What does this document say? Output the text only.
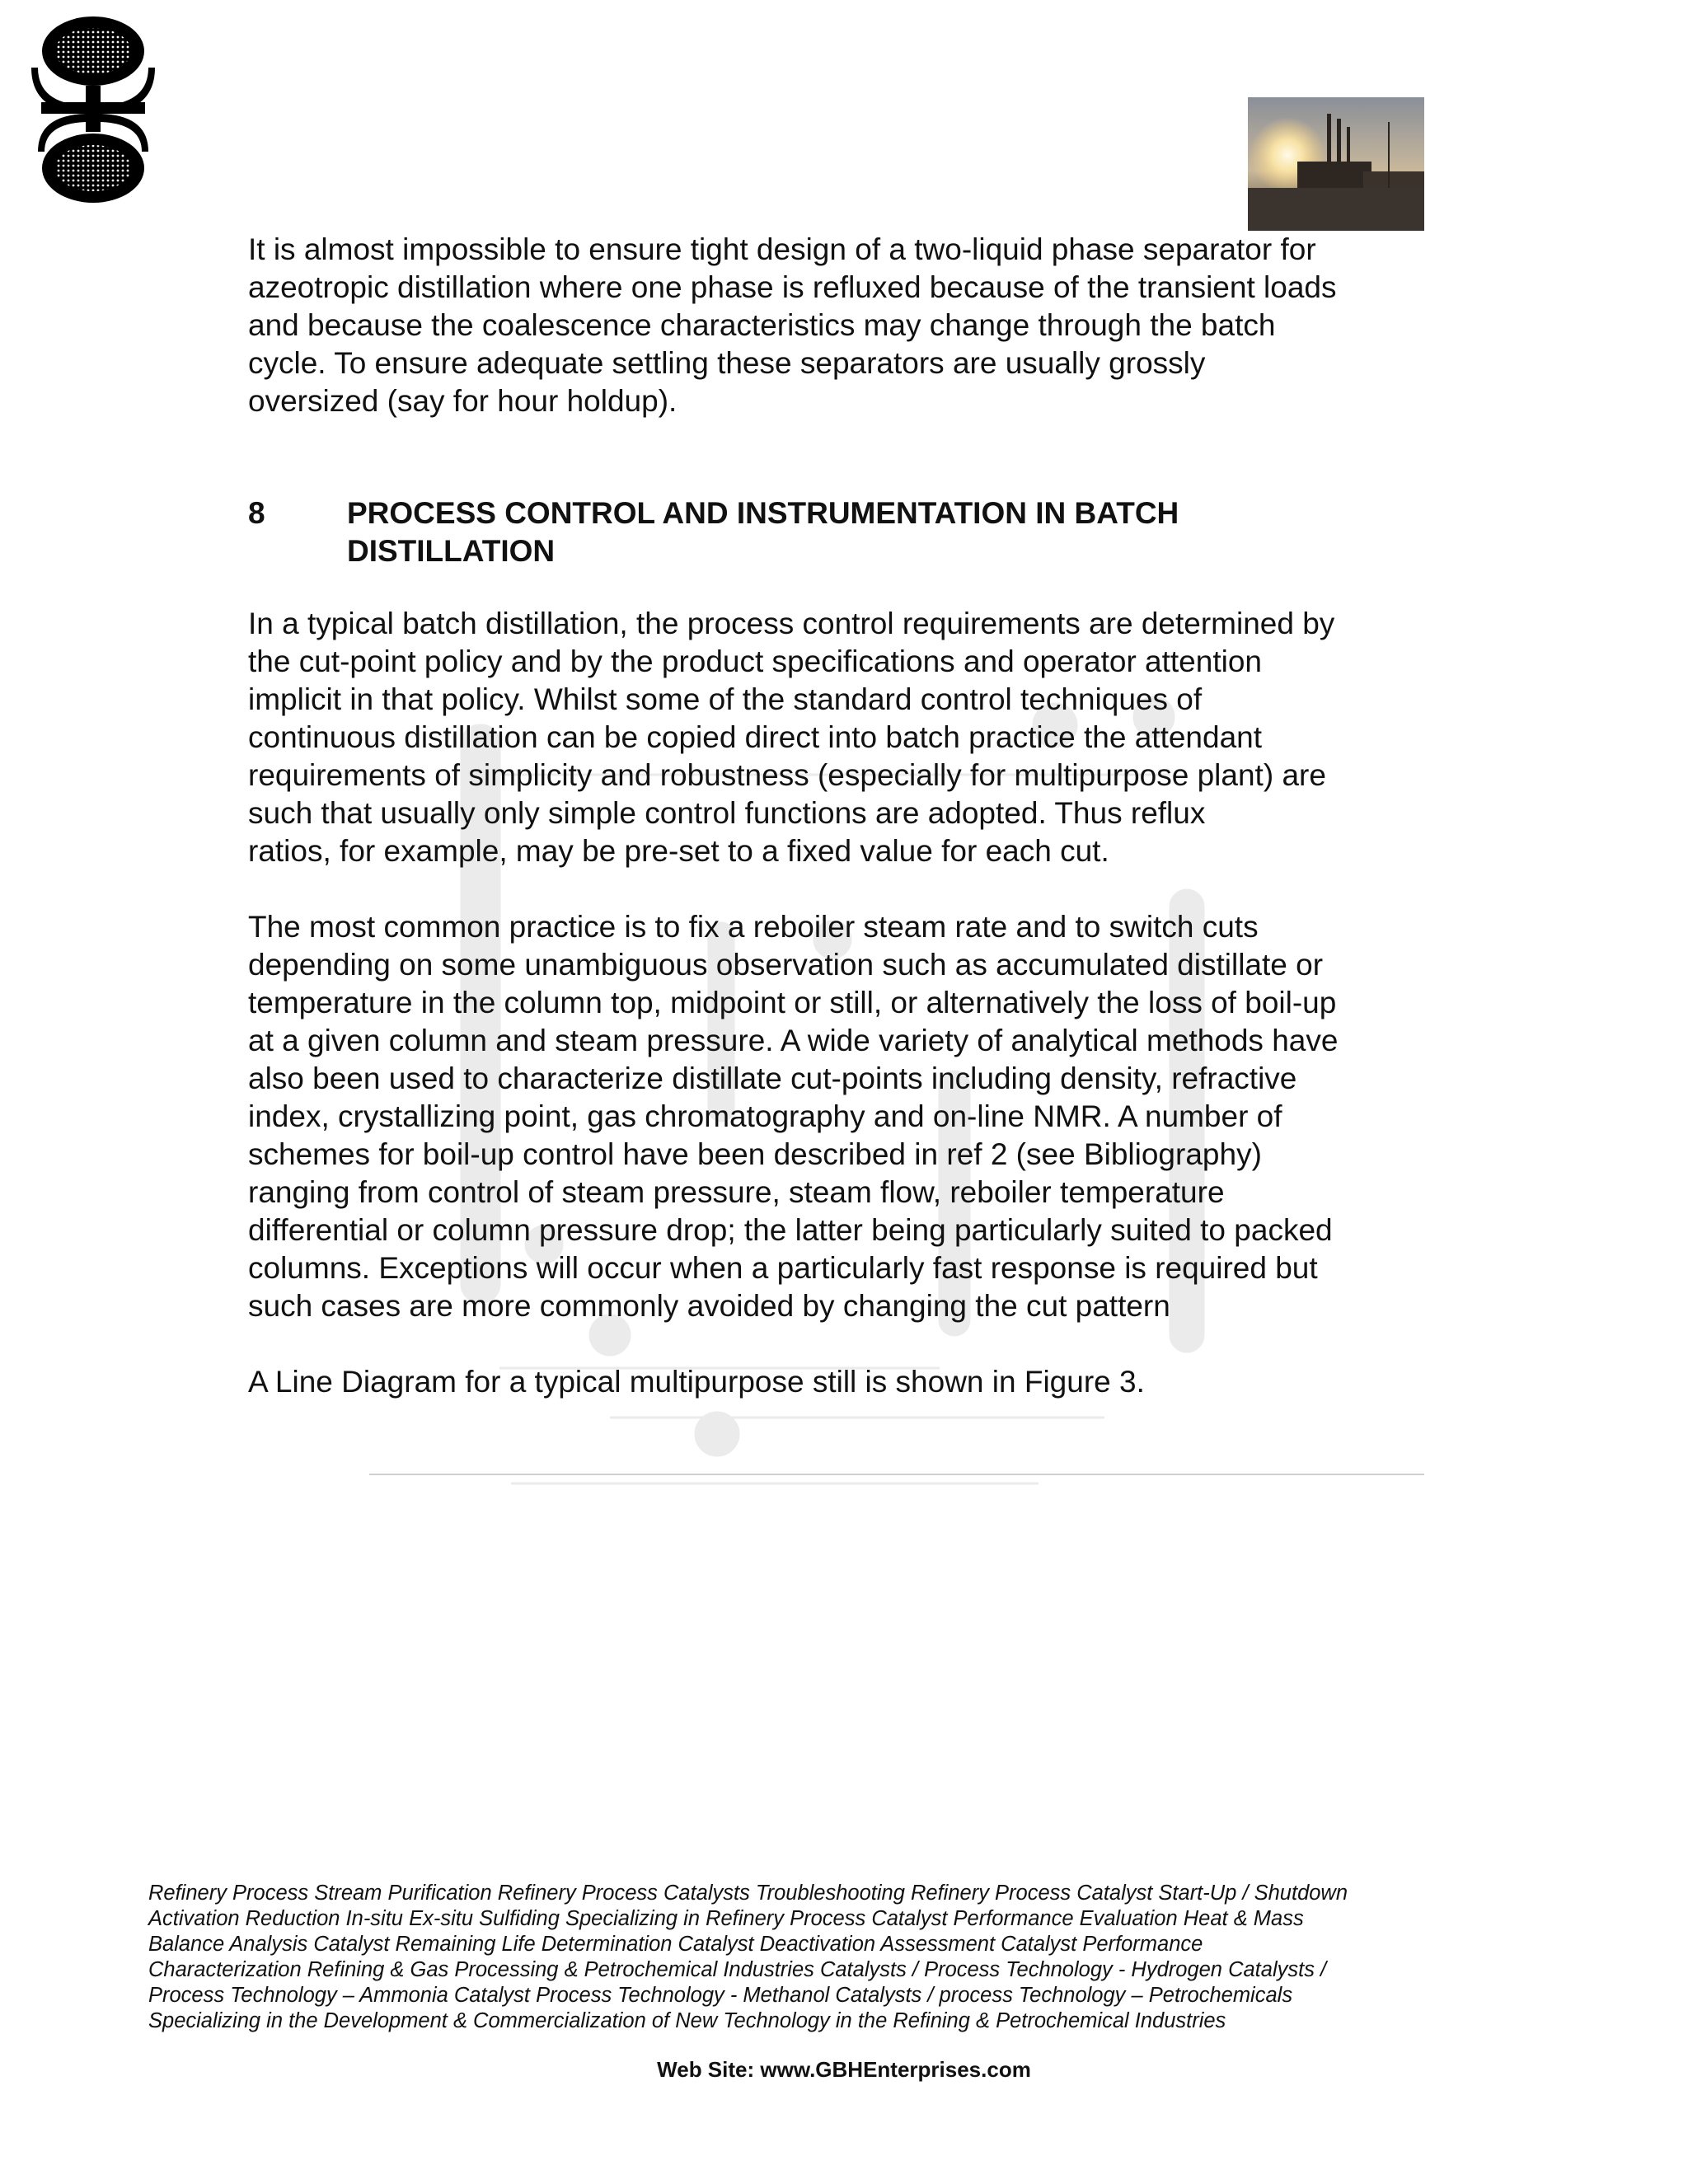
It is almost impossible to ensure tight design of a two-liquid phase separator for
azeotropic distillation where one phase is refluxed because of the transient loads
and because the coalescence characteristics may change through the batch
cycle. To ensure adequate settling these separators are usually grossly
oversized (say for hour holdup).

8	PROCESS CONTROL AND INSTRUMENTATION IN BATCH
DISTILLATION

In a typical batch distillation, the process control requirements are determined by
the cut-point policy and by the product specifications and operator attention
implicit in that policy. Whilst some of the standard control techniques of
continuous distillation can be copied direct into batch practice the attendant
requirements of simplicity and robustness (especially for multipurpose plant) are
such that usually only simple control functions are adopted. Thus reflux
ratios, for example, may be pre-set to a fixed value for each cut.

The most common practice is to fix a reboiler steam rate and to switch cuts
depending on some unambiguous observation such as accumulated distillate or
temperature in the column top, midpoint or still, or alternatively the loss of boil-up
at a given column and steam pressure. A wide variety of analytical methods have
also been used to characterize distillate cut-points including density, refractive
index, crystallizing point, gas chromatography and on-line NMR. A number of
schemes for boil-up control have been described in ref 2 (see Bibliography)
ranging from control of steam pressure, steam flow, reboiler temperature
differential or column pressure drop; the latter being particularly suited to packed
columns. Exceptions will occur when a particularly fast response is required but
such cases are more commonly avoided by changing the cut pattern

A Line Diagram for a typical multipurpose still is shown in Figure 3.

Refinery Process Stream Purification Refinery Process Catalysts Troubleshooting Refinery Process Catalyst Start-Up / Shutdown
Activation Reduction In-situ Ex-situ Sulfiding Specializing in Refinery Process Catalyst Performance Evaluation Heat & Mass
Balance Analysis Catalyst Remaining Life Determination Catalyst Deactivation Assessment Catalyst Performance
Characterization Refining & Gas Processing & Petrochemical Industries Catalysts / Process Technology - Hydrogen Catalysts /
Process Technology – Ammonia Catalyst Process Technology - Methanol Catalysts / process Technology – Petrochemicals
Specializing in the Development & Commercialization of New Technology in the Refining & Petrochemical Industries
Web Site: www.GBHEnterprises.com
